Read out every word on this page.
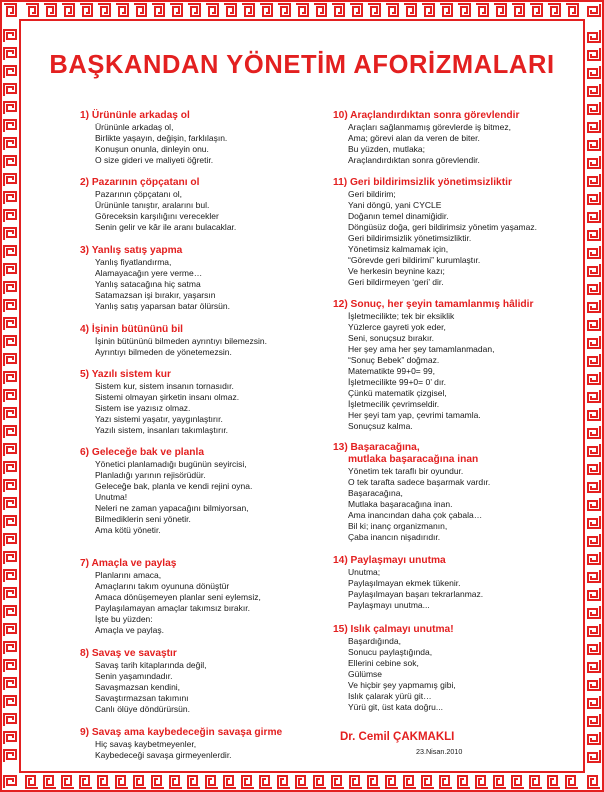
BAŞKANDAN YÖNETİM AFORİZMALARI
1) Ürününle arkadaş ol
Ürününle arkadaş ol,
Birlikte yaşayın, değişin, farklılaşın.
Konuşun onunla, dinleyin onu.
O size gideri ve maliyeti öğretir.
2) Pazarının çöpçatanı ol
Pazarının çöpçatanı ol,
Ürününle tanıştır, aralarını bul.
Göreceksin karşılığını verecekler
Senin gelir ve kâr ile aranı bulacaklar.
3) Yanlış satış yapma
Yanlış fiyatlandırma,
Alamayacağın yere verme…
Yanlış satacağına hiç satma
Satamazsan işi bırakır, yaşarsın
Yanlış satış yaparsan batar ölürsün.
4) İşinin bütününü bil
İşinin bütününü bilmeden ayrıntıyı bilemezsin.
Ayrıntıyı bilmeden de yönetemezsin.
5) Yazılı sistem kur
Sistem kur, sistem insanın tornasıdır.
Sistemi olmayan şirketin insanı olmaz.
Sistem ise yazısız olmaz.
Yazı sistemi yaşatır, yaygınlaştırır.
Yazılı sistem, insanları takımlaştırır.
6) Geleceğe bak ve planla
Yönetici planlamadığı bugünün seyircisi,
Planladığı yarının rejisörüdür.
Geleceğe bak, planla ve kendi rejini oyna.
Unutma!
Neleri ne zaman yapacağını bilmiyorsan,
Bilmediklerin seni yönetir.
Ama kötü yönetir.
7) Amaçla ve paylaş
Planlarını amaca,
Amaçlarını takım oyununa dönüştür
Amaca dönüşemeyen planlar seni eylemsiz,
Paylaşılamayan amaçlar takımsız bırakır.
İşte bu yüzden:
Amaçla ve paylaş.
8) Savaş ve savaştır
Savaş tarih kitaplarında değil,
Senin yaşamındadır.
Savaşmazsan kendini,
Savaştırmazsan takımını
Canlı ölüye döndürürsün.
9) Savaş ama kaybedeceğin savaşa girme
Hiç savaş kaybetmeyenler,
Kaybedeceği savaşa girmeyenlerdir.
10) Araçlandırdıktan sonra görevlendir
Araçları sağlanmamış görevlerde iş bitmez,
Ama; görevi alan da veren de biter.
Bu yüzden, mutlaka;
Araçlandırdıktan sonra görevlendir.
11) Geri bildirimsizlik yönetimsizliktir
Geri bildirim;
Yani döngü, yani CYCLE
Doğanın temel dinamiğidir.
Döngüsüz doğa, geri bildirimsiz yönetim yaşamaz.
Geri bildirimsizlik yönetimsizliktir.
Yönetimsiz kalmamak için,
“Görevde geri bildirimi” kurumlaştır.
Ve herkesin beynine kazı;
Geri bildirmeyen ‘geri’ dir.
12) Sonuç, her şeyin tamamlanmış hâlidir
İşletmecilikte; tek bir eksiklik
Yüzlerce gayreti yok eder,
Seni, sonuçsuz bırakır.
Her şey ama her şey tamamlanmadan,
“Sonuç Bebek” doğmaz.
Matematikte 99+0= 99,
İşletmecilikte 99+0= 0’ dır.
Çünkü matematik çizgisel,
İşletmecilik çevrimseldir.
Her şeyi tam yap, çevrimi tamamla.
Sonuçsuz kalma.
13) Başaracağına,
mutlaka başaracağına inan
Yönetim tek taraflı bir oyundur.
O tek tarafta sadece başarmak vardır.
Başaracağına,
Mutlaka başaracağına inan.
Ama inancından daha çok çabala…
Bil ki; inanç organizmanın,
Çaba inancın nişadırıdır.
14) Paylaşmayı unutma
Unutma;
Paylaşılmayan ekmek tükenir.
Paylaşılmayan başarı tekrarlanmaz.
Paylaşmayı unutma...
15) Islık çalmayı unutma!
Başardığında,
Sonucu paylaştığında,
Ellerini cebine sok,
Gülümse
Ve hiçbir şey yapmamış gibi,
Islık çalarak yürü git…
Yürü git, üst kata doğru...
Dr. Cemil ÇAKMAKLI
23.Nisan.2010
